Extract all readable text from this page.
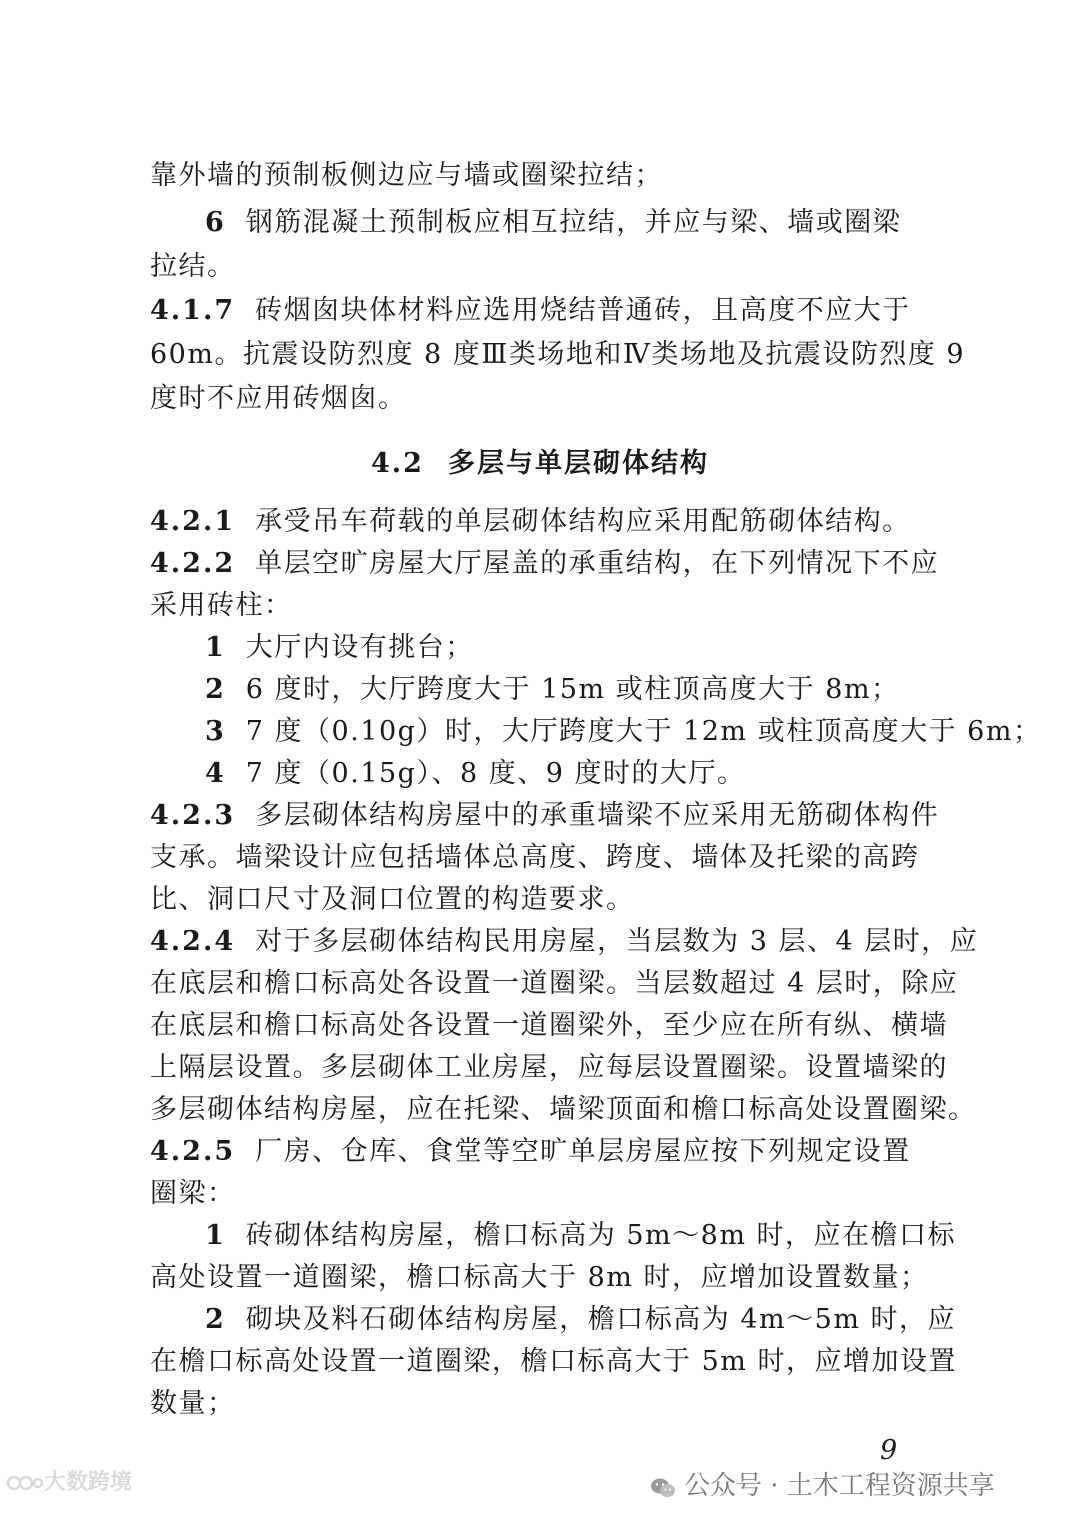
靠外墙的预制板侧边应与墙或圈梁拉结；
6 钢筋混凝土预制板应相互拉结，并应与梁、墙或圈梁
拉结。
4.1.7 砖烟囱块体材料应选用烧结普通砖，且高度不应大于
60m。抗震设防烈度 8 度Ⅲ类场地和Ⅳ类场地及抗震设防烈度 9
度时不应用砖烟囱。
4.2 多层与单层砌体结构
4.2.1 承受吊车荷载的单层砌体结构应采用配筋砌体结构。
4.2.2 单层空旷房屋大厅屋盖的承重结构，在下列情况下不应
采用砖柱：
1 大厅内设有挑台；
2 6 度时，大厅跨度大于 15m 或柱顶高度大于 8m；
3 7 度（0.10g）时，大厅跨度大于 12m 或柱顶高度大于 6m；
4 7 度（0.15g）、8 度、9 度时的大厅。
4.2.3 多层砌体结构房屋中的承重墙梁不应采用无筋砌体构件
支承。墙梁设计应包括墙体总高度、跨度、墙体及托梁的高跨
比、洞口尺寸及洞口位置的构造要求。
4.2.4 对于多层砌体结构民用房屋，当层数为 3 层、4 层时，应
在底层和檐口标高处各设置一道圈梁。当层数超过 4 层时，除应
在底层和檐口标高处各设置一道圈梁外，至少应在所有纵、横墙
上隔层设置。多层砌体工业房屋，应每层设置圈梁。设置墙梁的
多层砌体结构房屋，应在托梁、墙梁顶面和檐口标高处设置圈梁。
4.2.5 厂房、仓库、食堂等空旷单层房屋应按下列规定设置
圈梁：
1 砖砌体结构房屋，檐口标高为 5m～8m 时，应在檐口标
高处设置一道圈梁，檐口标高大于 8m 时，应增加设置数量；
2 砌块及料石砌体结构房屋，檐口标高为 4m～5m 时，应
在檐口标高处设置一道圈梁，檐口标高大于 5m 时，应增加设置
数量；
9
公众号 · 土木工程资源共享
大数跨境
